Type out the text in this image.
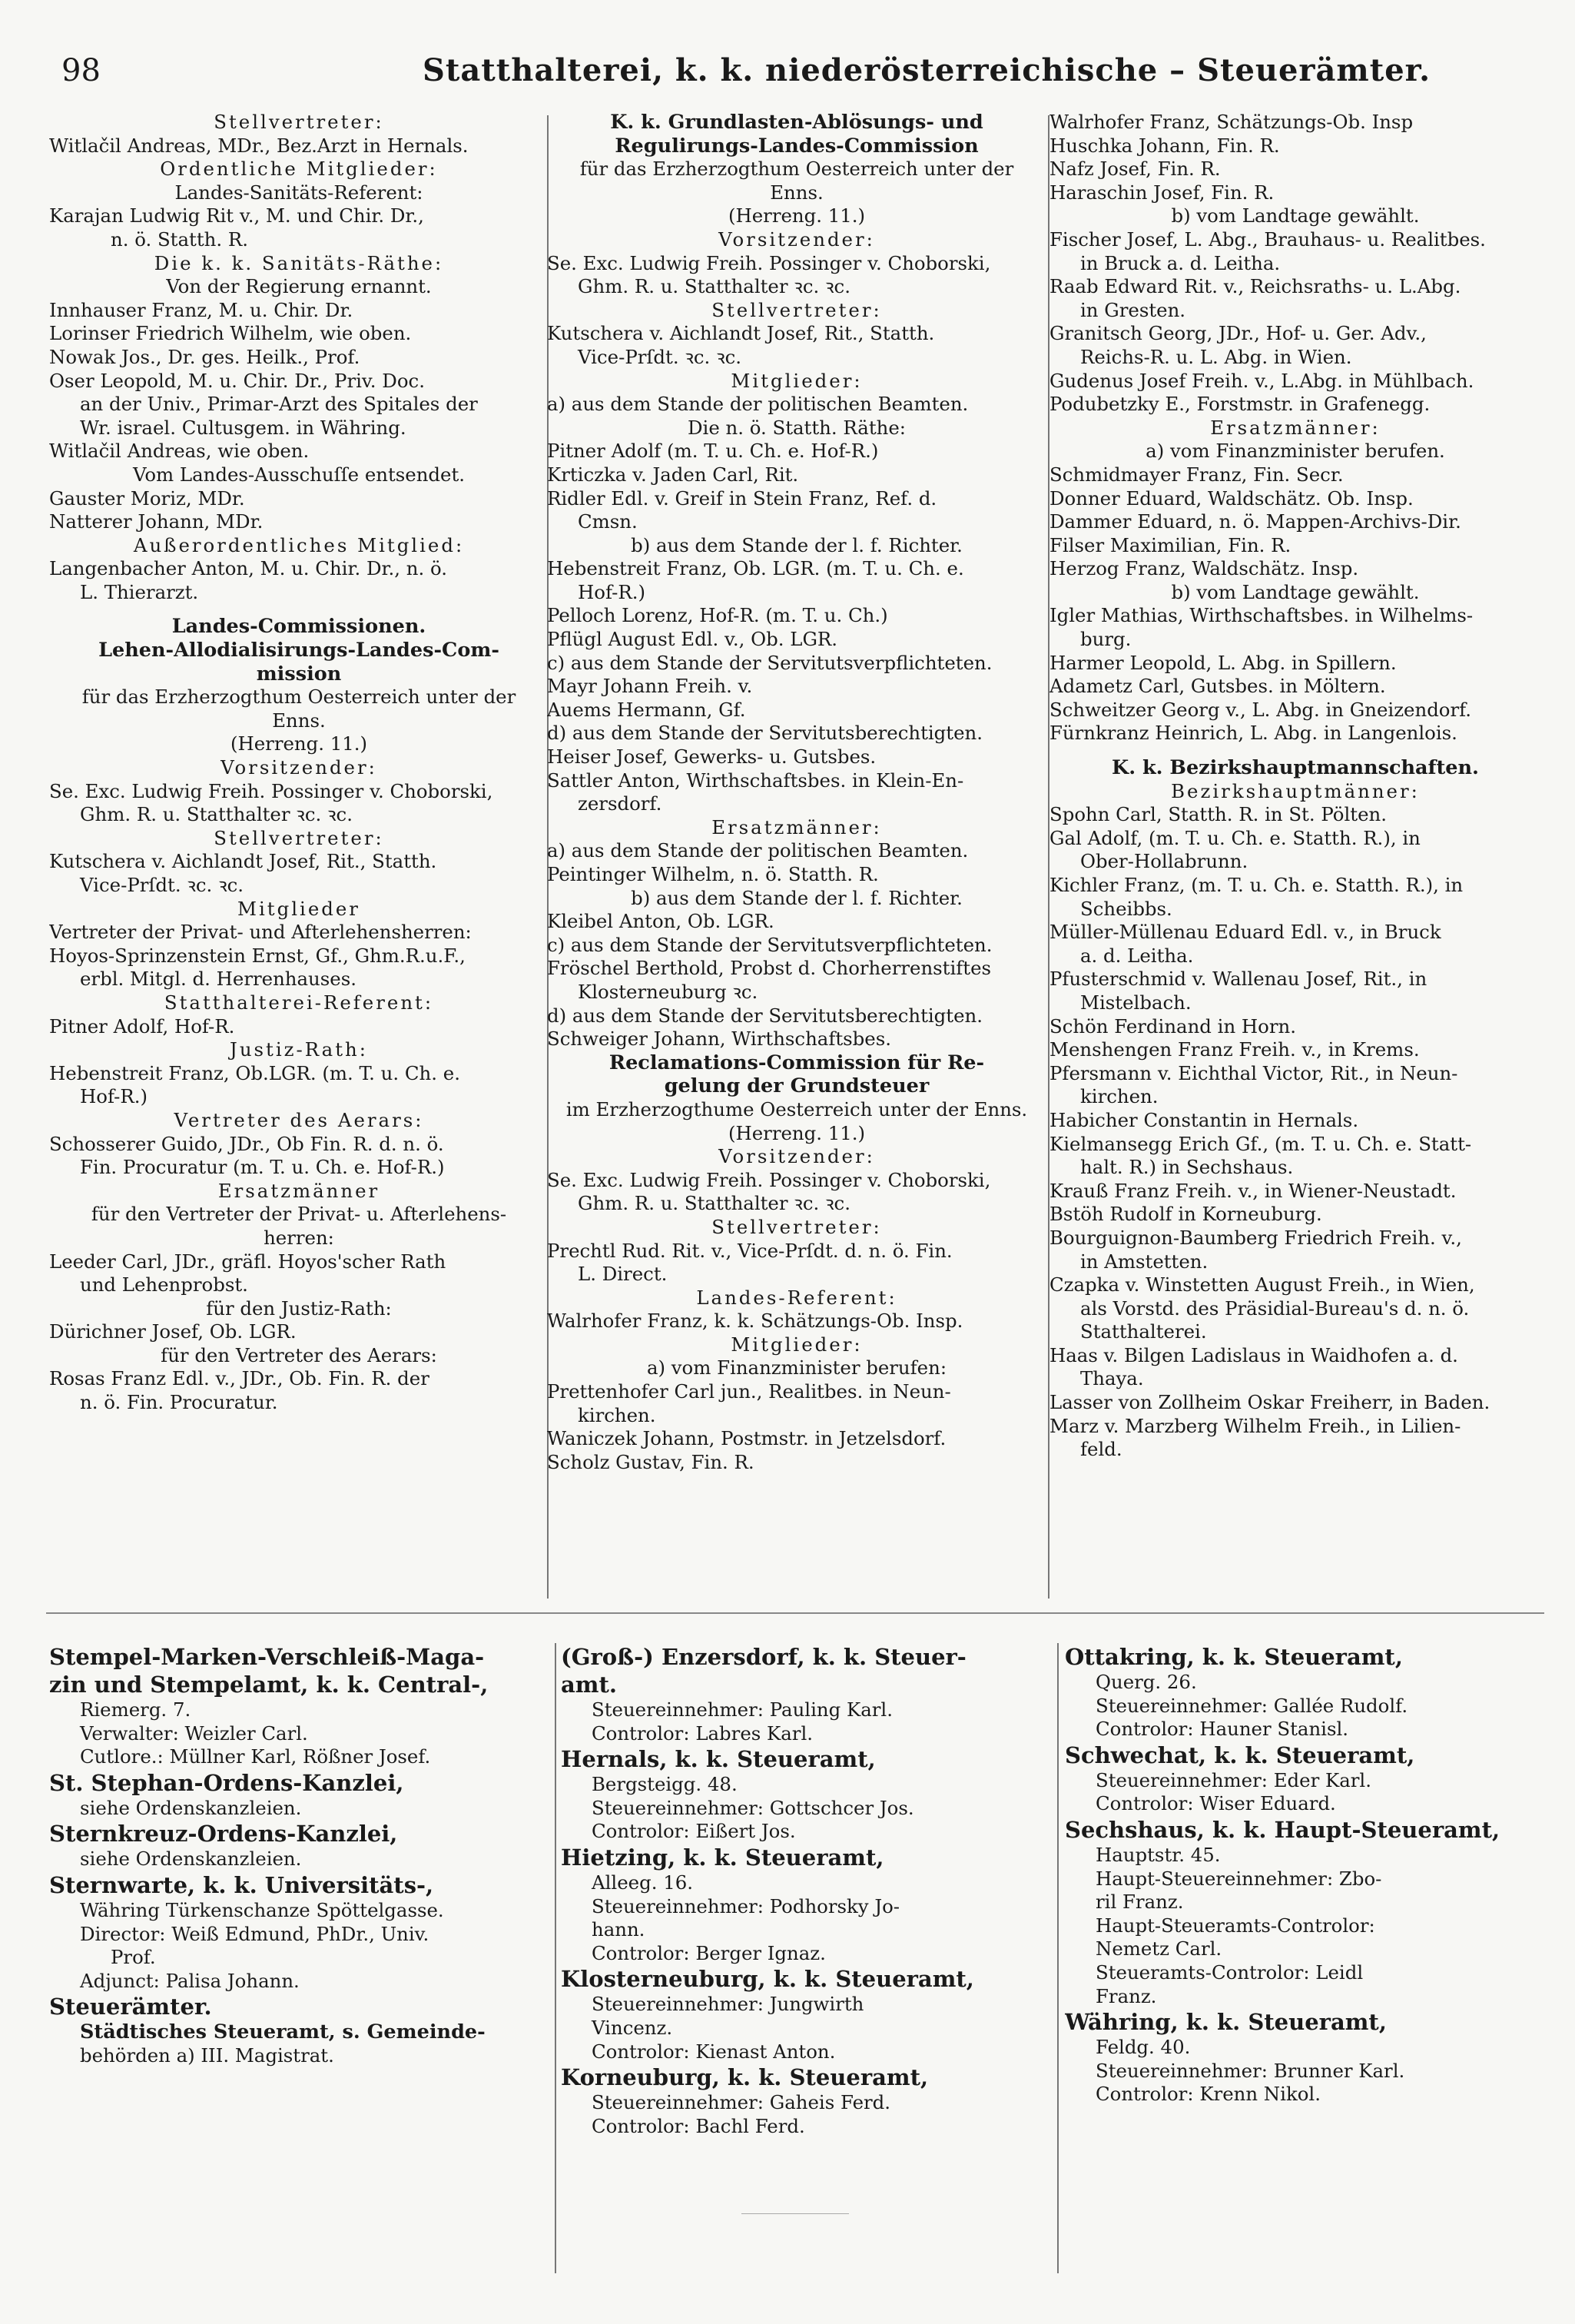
98	Statthalterei, k. k. niederösterreichische – Steuerämter.
Stellvertreter:
Witlačil Andreas, MDr., Bez.Arzt in Hernals.
Ordentliche Mitglieder:
Landes-Sanitäts-Referent:
Karajan Ludwig Rit v., M. und Chir. Dr.,
n. ö. Statth. R.
Die k. k. Sanitäts-Räthe:
Von der Regierung ernannt.
Innhauser Franz, M. u. Chir. Dr.
Lorinser Friedrich Wilhelm, wie oben.
Nowak Jos., Dr. ges. Heilk., Prof.
Oser Leopold, M. u. Chir. Dr., Priv. Doc.
an der Univ., Primar-Arzt des Spitales der
Wr. israel. Cultusgem. in Währing.
Witlačil Andreas, wie oben.
Vom Landes-Ausschuſſe entsendet.
Gauster Moriz, MDr.
Natterer Johann, MDr.
Außerordentliches Mitglied:
Langenbacher Anton, M. u. Chir. Dr., n. ö.
L. Thierarzt.
Landes-Commissionen.
Lehen-Allodialisirungs-Landes-Com-
mission
für das Erzherzogthum Oesterreich unter der
Enns.
(Herreng. 11.)
Vorsitzender:
Se. Exc. Ludwig Freih. Possinger v. Choborski,
Ghm. R. u. Statthalter ꝛc. ꝛc.
Stellvertreter:
Kutschera v. Aichlandt Josef, Rit., Statth.
Vice-Prſdt. ꝛc. ꝛc.
Mitglieder
Vertreter der Privat- und Afterlehensherren:
Hoyos-Sprinzenstein Ernst, Gf., Ghm.R.u.F.,
erbl. Mitgl. d. Herrenhauses.
Statthalterei-Referent:
Pitner Adolf, Hof-R.
Justiz-Rath:
Hebenstreit Franz, Ob.LGR. (m. T. u. Ch. e.
Hof-R.)
Vertreter des Aerars:
Schosserer Guido, JDr., Ob Fin. R. d. n. ö.
Fin. Procuratur (m. T. u. Ch. e. Hof-R.)
Ersatzmänner
für den Vertreter der Privat- u. Afterlehens-
herren:
Leeder Carl, JDr., gräfl. Hoyos'scher Rath
und Lehenprobst.
für den Justiz-Rath:
Dürichner Josef, Ob. LGR.
für den Vertreter des Aerars:
Rosas Franz Edl. v., JDr., Ob. Fin. R. der
n. ö. Fin. Procuratur.
K. k. Grundlasten-Ablösungs- und
Regulirungs-Landes-Commission
für das Erzherzogthum Oesterreich unter der
Enns.
(Herreng. 11.)
Vorsitzender:
Se. Exc. Ludwig Freih. Possinger v. Choborski,
Ghm. R. u. Statthalter ꝛc. ꝛc.
Stellvertreter:
Kutschera v. Aichlandt Josef, Rit., Statth.
Vice-Prſdt. ꝛc. ꝛc.
Mitglieder:
a) aus dem Stande der politischen Beamten.
Die n. ö. Statth. Räthe:
Pitner Adolf (m. T. u. Ch. e. Hof-R.)
Krticzka v. Jaden Carl, Rit.
Ridler Edl. v. Greif in Stein Franz, Ref. d.
Cmsn.
b) aus dem Stande der l. f. Richter.
Hebenstreit Franz, Ob. LGR. (m. T. u. Ch. e.
Hof-R.)
Pelloch Lorenz, Hof-R. (m. T. u. Ch.)
Pflügl August Edl. v., Ob. LGR.
c) aus dem Stande der Servitutsverpflichteten.
Mayr Johann Freih. v.
Auems Hermann, Gf.
d) aus dem Stande der Servitutsberechtigten.
Heiser Josef, Gewerks- u. Gutsbes.
Sattler Anton, Wirthschaftsbes. in Klein-En-
zersdorf.
Ersatzmänner:
a) aus dem Stande der politischen Beamten.
Peintinger Wilhelm, n. ö. Statth. R.
b) aus dem Stande der l. f. Richter.
Kleibel Anton, Ob. LGR.
c) aus dem Stande der Servitutsverpflichteten.
Fröschel Berthold, Probst d. Chorherrenstiftes
Klosterneuburg ꝛc.
d) aus dem Stande der Servitutsberechtigten.
Schweiger Johann, Wirthschaftsbes.
Reclamations-Commission für Re-
gelung der Grundsteuer
im Erzherzogthume Oesterreich unter der Enns.
(Herreng. 11.)
Vorsitzender:
Se. Exc. Ludwig Freih. Possinger v. Choborski,
Ghm. R. u. Statthalter ꝛc. ꝛc.
Stellvertreter:
Prechtl Rud. Rit. v., Vice-Prſdt. d. n. ö. Fin.
L. Direct.
Landes-Referent:
Walrhofer Franz, k. k. Schätzungs-Ob. Insp.
Mitglieder:
a) vom Finanzminister berufen:
Prettenhofer Carl jun., Realitbes. in Neun-
kirchen.
Waniczek Johann, Postmstr. in Jetzelsdorf.
Scholz Gustav, Fin. R.
Walrhofer Franz, Schätzungs-Ob. Insp
Huschka Johann, Fin. R.
Nafz Josef, Fin. R.
Haraschin Josef, Fin. R.
b) vom Landtage gewählt.
Fischer Josef, L. Abg., Brauhaus- u. Realitbes.
in Bruck a. d. Leitha.
Raab Edward Rit. v., Reichsraths- u. L.Abg.
in Gresten.
Granitsch Georg, JDr., Hof- u. Ger. Adv.,
Reichs-R. u. L. Abg. in Wien.
Gudenus Josef Freih. v., L.Abg. in Mühlbach.
Podubetzky E., Forstmstr. in Grafenegg.
Ersatzmänner:
a) vom Finanzminister berufen.
Schmidmayer Franz, Fin. Secr.
Donner Eduard, Waldschätz. Ob. Insp.
Dammer Eduard, n. ö. Mappen-Archivs-Dir.
Filser Maximilian, Fin. R.
Herzog Franz, Waldschätz. Insp.
b) vom Landtage gewählt.
Igler Mathias, Wirthschaftsbes. in Wilhelms-
burg.
Harmer Leopold, L. Abg. in Spillern.
Adametz Carl, Gutsbes. in Möltern.
Schweitzer Georg v., L. Abg. in Gneizendorf.
Fürnkranz Heinrich, L. Abg. in Langenlois.
K. k. Bezirkshauptmannschaften.
Bezirkshauptmänner:
Spohn Carl, Statth. R. in St. Pölten.
Gal Adolf, (m. T. u. Ch. e. Statth. R.), in
Ober-Hollabrunn.
Kichler Franz, (m. T. u. Ch. e. Statth. R.), in
Scheibbs.
Müller-Müllenau Eduard Edl. v., in Bruck
a. d. Leitha.
Pfusterschmid v. Wallenau Josef, Rit., in
Mistelbach.
Schön Ferdinand in Horn.
Menshengen Franz Freih. v., in Krems.
Pfersmann v. Eichthal Victor, Rit., in Neun-
kirchen.
Habicher Constantin in Hernals.
Kielmansegg Erich Gf., (m. T. u. Ch. e. Statt-
halt. R.) in Sechshaus.
Krauß Franz Freih. v., in Wiener-Neustadt.
Bstöh Rudolf in Korneuburg.
Bourguignon-Baumberg Friedrich Freih. v.,
in Amstetten.
Czapka v. Winstetten August Freih., in Wien,
als Vorstd. des Präsidial-Bureau's d. n. ö.
Statthalterei.
Haas v. Bilgen Ladislaus in Waidhofen a. d.
Thaya.
Lasser von Zollheim Oskar Freiherr, in Baden.
Marz v. Marzberg Wilhelm Freih., in Lilien-
feld.
Stempel-Marken-Verschleiß-Maga-
zin und Stempelamt, k. k. Central-,
Riemerg. 7.
Verwalter: Weizler Carl.
Cutlore.: Müllner Karl, Rößner Josef.
St. Stephan-Ordens-Kanzlei,
siehe Ordenskanzleien.
Sternkreuz-Ordens-Kanzlei,
siehe Ordenskanzleien.
Sternwarte, k. k. Universitäts-,
Währing Türkenschanze Spöttelgasse.
Director: Weiß Edmund, PhDr., Univ.
Prof.
Adjunct: Palisa Johann.
Steuerämter.
Städtisches Steueramt, s. Gemeinde-
behörden a) III. Magistrat.
(Groß-) Enzersdorf, k. k. Steuer-
amt.
Steuereinnehmer: Pauling Karl.
Controlor: Labres Karl.
Hernals, k. k. Steueramt,
Bergsteigg. 48.
Steuereinnehmer: Gottschcer Jos.
Controlor: Eißert Jos.
Hietzing, k. k. Steueramt,
Alleeg. 16.
Steuereinnehmer: Podhorsky Jo-
hann.
Controlor: Berger Ignaz.
Klosterneuburg, k. k. Steueramt,
Steuereinnehmer: Jungwirth
Vincenz.
Controlor: Kienast Anton.
Korneuburg, k. k. Steueramt,
Steuereinnehmer: Gaheis Ferd.
Controlor: Bachl Ferd.
Ottakring, k. k. Steueramt,
Querg. 26.
Steuereinnehmer: Gallée Rudolf.
Controlor: Hauner Stanisl.
Schwechat, k. k. Steueramt,
Steuereinnehmer: Eder Karl.
Controlor: Wiser Eduard.
Sechshaus, k. k. Haupt-Steueramt,
Hauptstr. 45.
Haupt-Steuereinnehmer: Zbo-
ril Franz.
Haupt-Steueramts-Controlor:
Nemetz Carl.
Steueramts-Controlor: Leidl
Franz.
Währing, k. k. Steueramt,
Feldg. 40.
Steuereinnehmer: Brunner Karl.
Controlor: Krenn Nikol.
